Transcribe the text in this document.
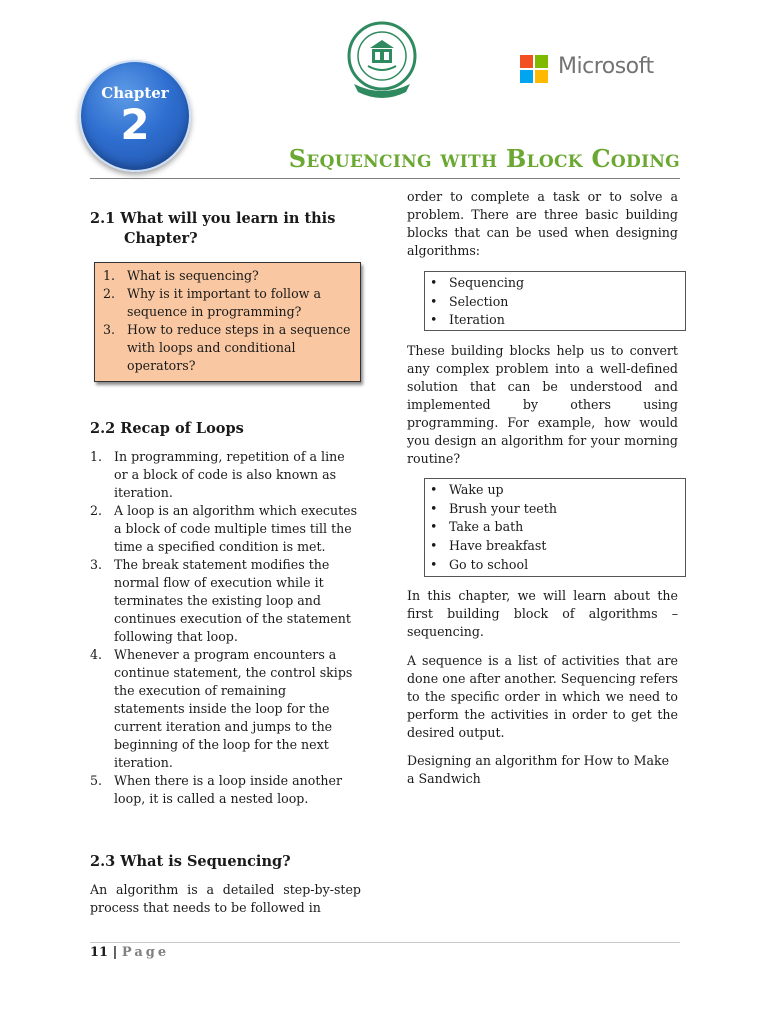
Chapter
2
Microsoft
Sequencing with Block Coding
2.1 What will you learn in this
Chapter?
1. What is sequencing?
2. Why is it important to follow a sequence in programming?
3. How to reduce steps in a sequence with loops and conditional operators?
2.2 Recap of Loops
1. In programming, repetition of a line or a block of code is also known as iteration.
2. A loop is an algorithm which executes a block of code multiple times till the time a specified condition is met.
3. The break statement modifies the normal flow of execution while it terminates the existing loop and continues execution of the statement following that loop.
4. Whenever a program encounters a continue statement, the control skips the execution of remaining statements inside the loop for the current iteration and jumps to the beginning of the loop for the next iteration.
5. When there is a loop inside another loop, it is called a nested loop.
2.3 What is Sequencing?
An algorithm is a detailed step-by-step process that needs to be followed in
order to complete a task or to solve a problem. There are three basic building blocks that can be used when designing algorithms:
• Sequencing
• Selection
• Iteration
These building blocks help us to convert any complex problem into a well-defined solution that can be understood and implemented by others using programming. For example, how would you design an algorithm for your morning routine?
• Wake up
• Brush your teeth
• Take a bath
• Have breakfast
• Go to school
In this chapter, we will learn about the first building block of algorithms – sequencing.
A sequence is a list of activities that are done one after another. Sequencing refers to the specific order in which we need to perform the activities in order to get the desired output.
Designing an algorithm for How to Make a Sandwich
11 | Page
